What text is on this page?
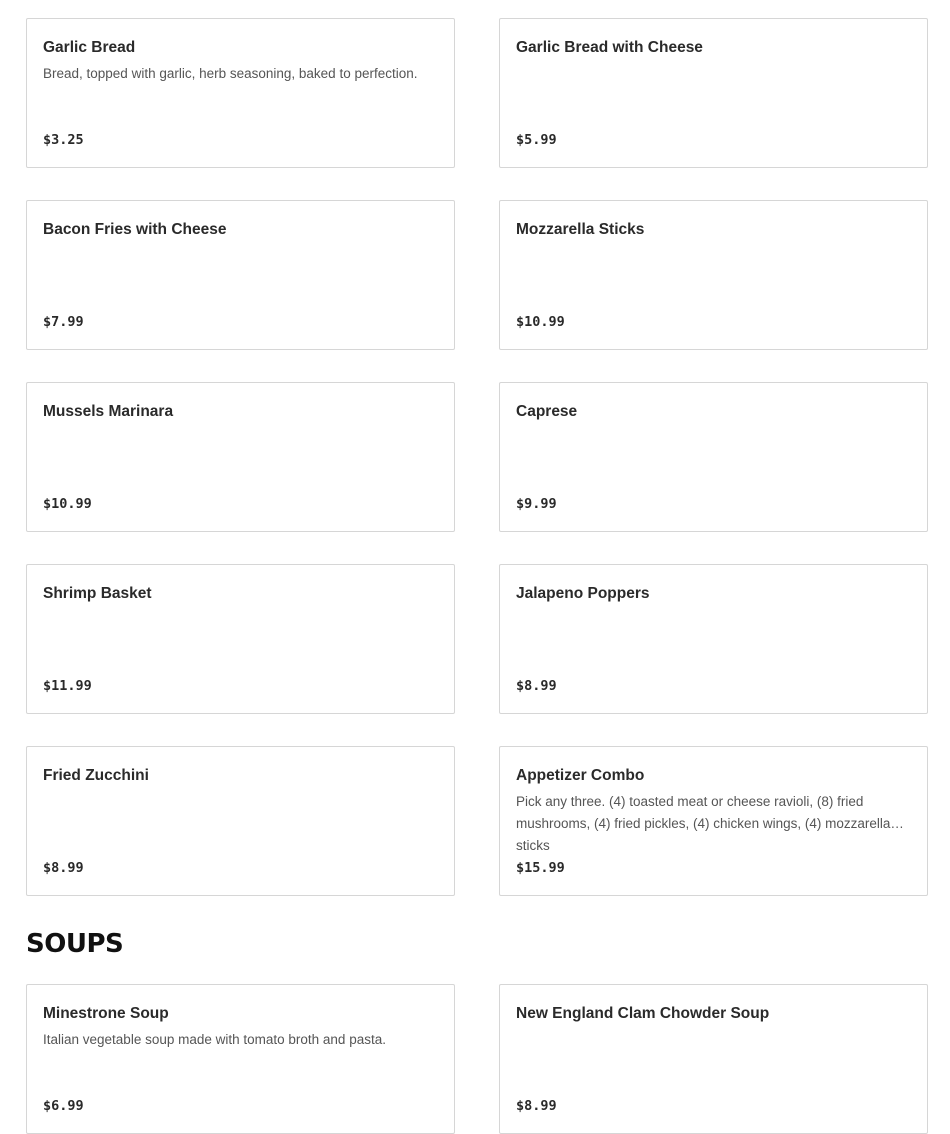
Garlic Bread
Bread, topped with garlic, herb seasoning, baked to perfection.
$3.25
Garlic Bread with Cheese
$5.99
Bacon Fries with Cheese
$7.99
Mozzarella Sticks
$10.99
Mussels Marinara
$10.99
Caprese
$9.99
Shrimp Basket
$11.99
Jalapeno Poppers
$8.99
Fried Zucchini
$8.99
Appetizer Combo
Pick any three. (4) toasted meat or cheese ravioli, (8) fried mushrooms, (4) fried pickles, (4) chicken wings, (4) mozzarella sticks
$15.99
SOUPS
Minestrone Soup
Italian vegetable soup made with tomato broth and pasta.
$6.99
New England Clam Chowder Soup
$8.99
